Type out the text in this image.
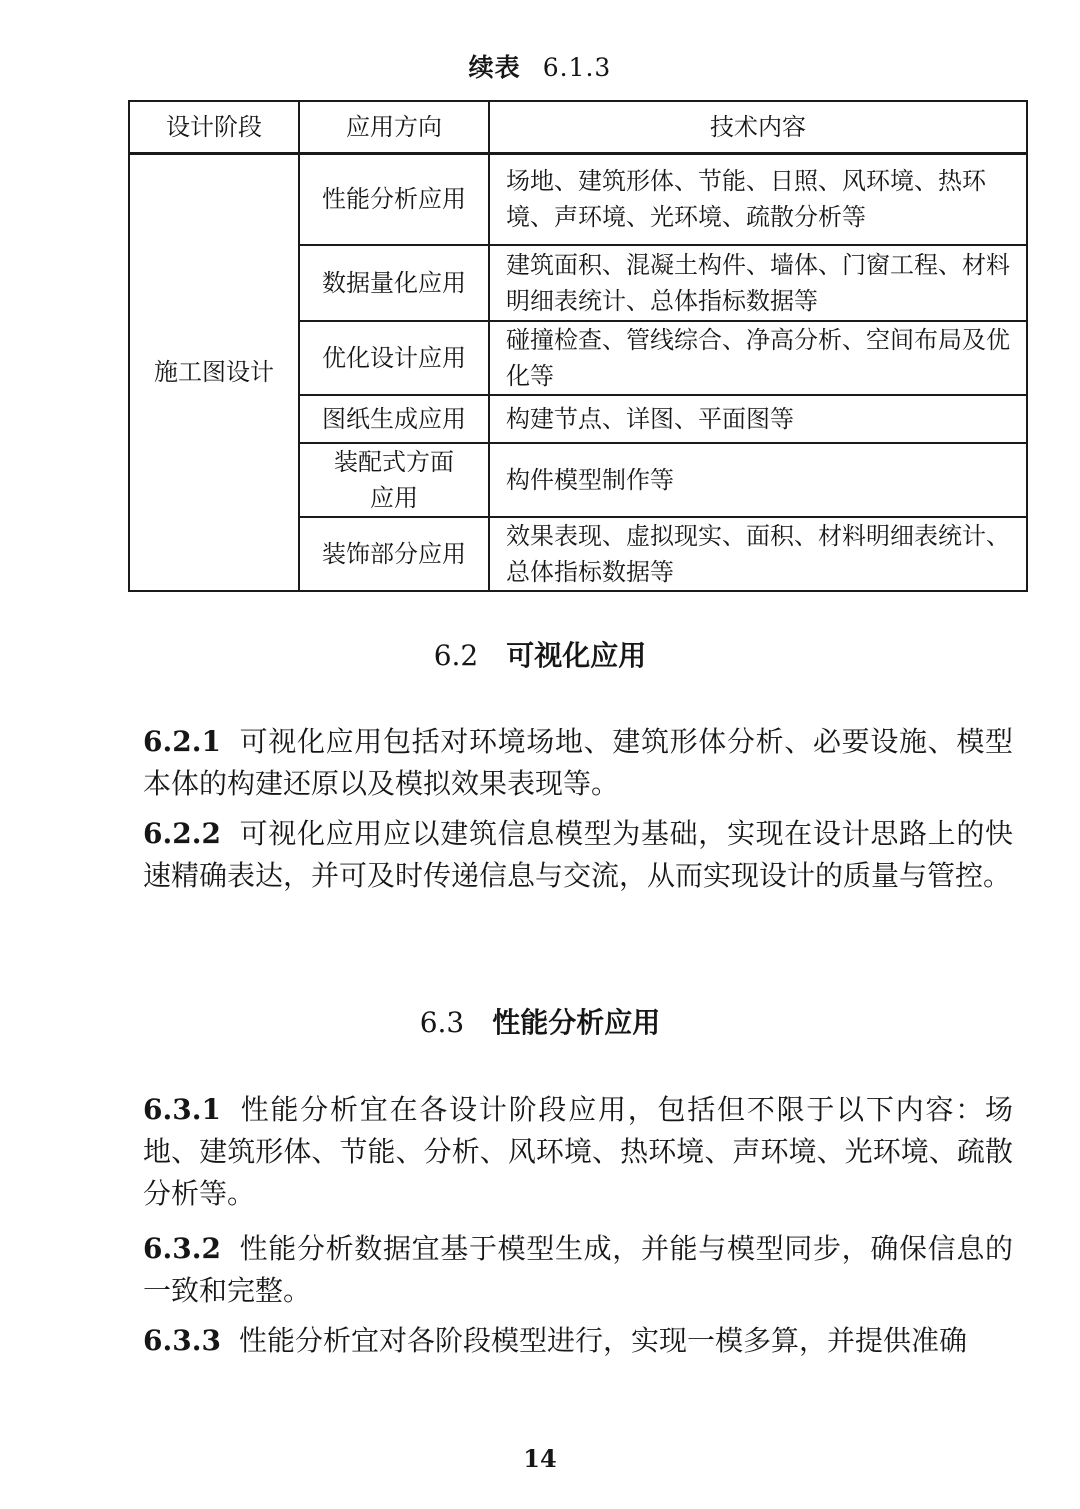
续表 6.1.3
设计阶段	应用方向	技术内容
施工图设计	性能分析应用	场地、建筑形体、节能、日照、风环境、热环境、声环境、光环境、疏散分析等
	数据量化应用	建筑面积、混凝土构件、墙体、门窗工程、材料明细表统计、总体指标数据等
	优化设计应用	碰撞检查、管线综合、净高分析、空间布局及优化等
	图纸生成应用	构建节点、详图、平面图等
	装配式方面应用	构件模型制作等
	装饰部分应用	效果表现、虚拟现实、面积、材料明细表统计、总体指标数据等
6.2 可视化应用
6.2.1 可视化应用包括对环境场地、建筑形体分析、必要设施、模型本体的构建还原以及模拟效果表现等。
6.2.2 可视化应用应以建筑信息模型为基础，实现在设计思路上的快速精确表达，并可及时传递信息与交流，从而实现设计的质量与管控。
6.3 性能分析应用
6.3.1 性能分析宜在各设计阶段应用，包括但不限于以下内容：场地、建筑形体、节能、分析、风环境、热环境、声环境、光环境、疏散分析等。
6.3.2 性能分析数据宜基于模型生成，并能与模型同步，确保信息的一致和完整。
6.3.3 性能分析宜对各阶段模型进行，实现一模多算，并提供准确
14
